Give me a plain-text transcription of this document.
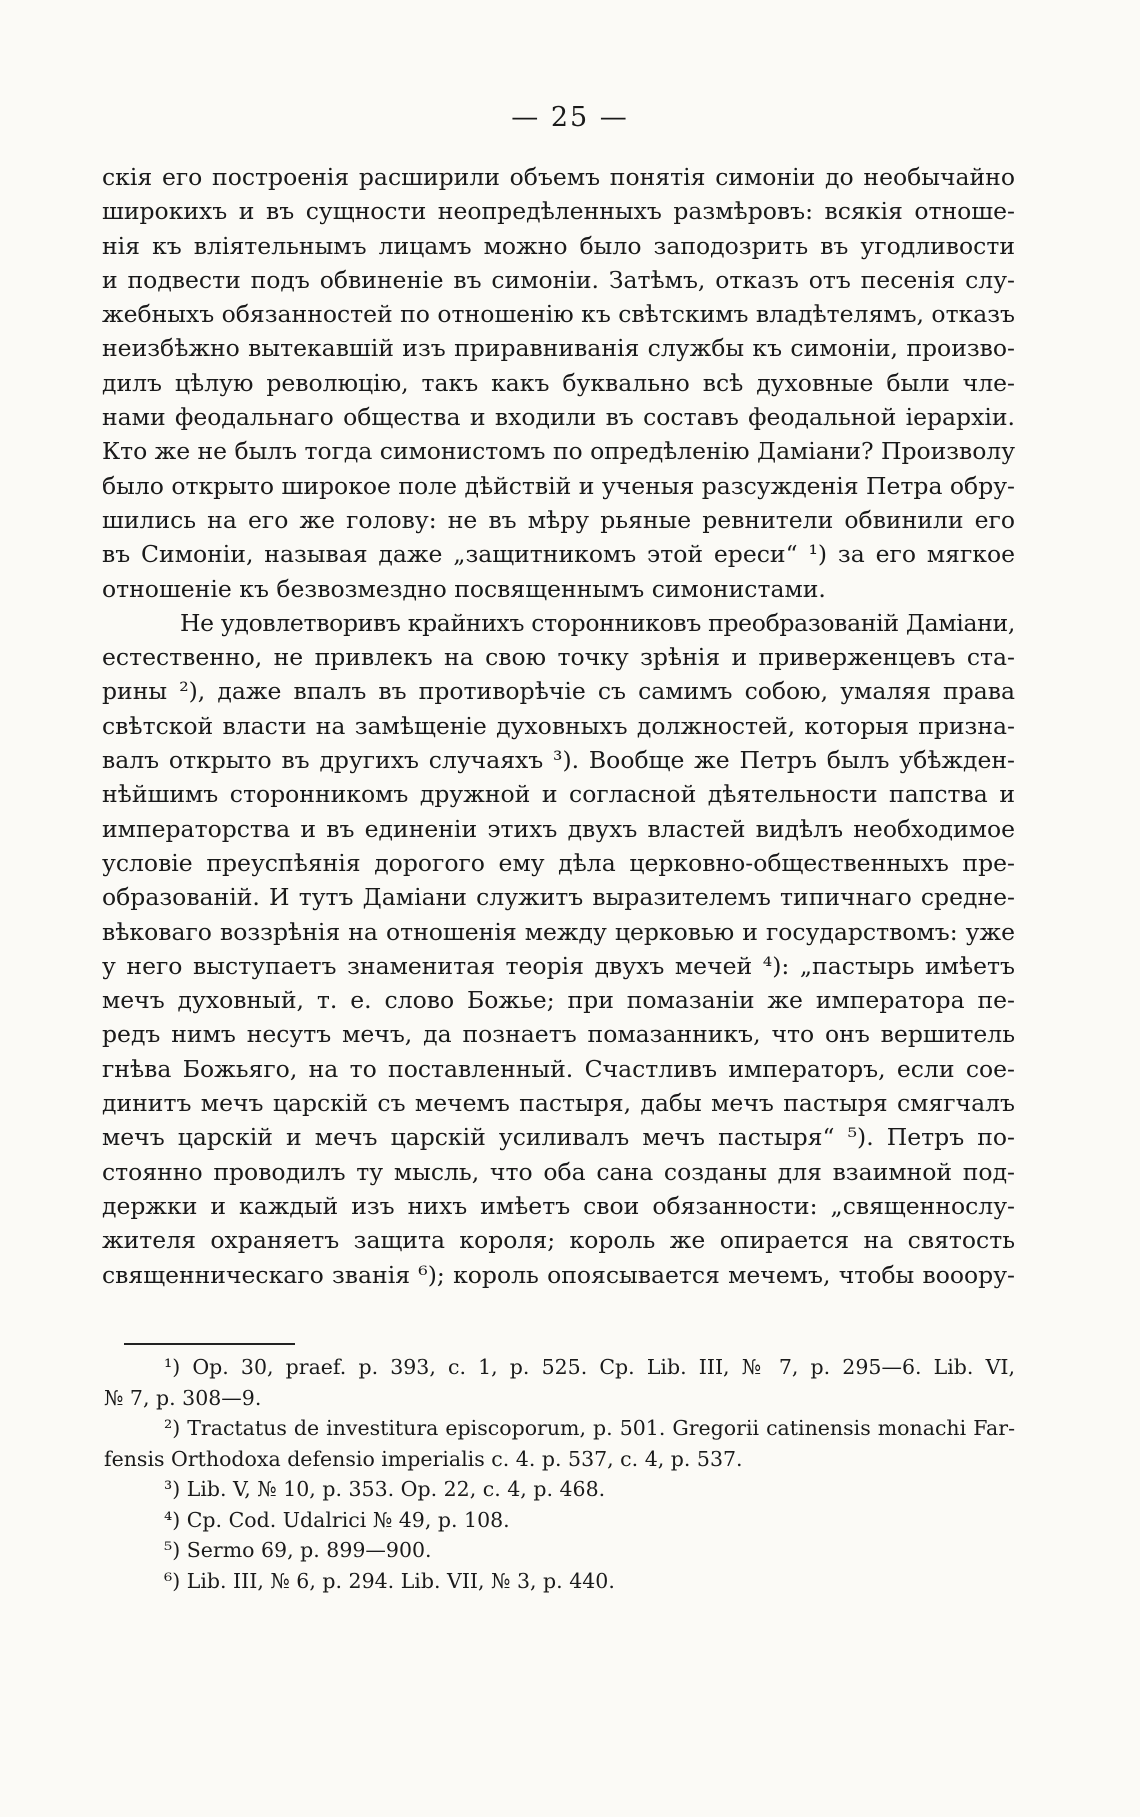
— 25 —
скія его построенія расширили объемъ понятія симоніи до необычайно
широкихъ и въ сущности неопредѣленныхъ размѣровъ: всякія отноше-
нія къ вліятельнымъ лицамъ можно было заподозрить въ угодливости
и подвести подъ обвиненіе въ симоніи. Затѣмъ, отказъ отъ песенія слу-
жебныхъ обязанностей по отношенію къ свѣтскимъ владѣтелямъ, отказъ
неизбѣжно вытекавшій изъ приравниванія службы къ симоніи, произво-
дилъ цѣлую революцію, такъ какъ буквально всѣ духовные были чле-
нами феодальнаго общества и входили въ составъ феодальной іерархіи.
Кто же не былъ тогда симонистомъ по опредѣленію Даміани? Произволу
было открыто широкое поле дѣйствій и ученыя разсужденія Петра обру-
шились на его же голову: не въ мѣру рьяные ревнители обвинили его
въ Симоніи, называя даже „защитникомъ этой ереси“ ¹) за его мягкое
отношеніе къ безвозмездно посвященнымъ симонистами.
Не удовлетворивъ крайнихъ сторонниковъ преобразованій Даміани,
естественно, не привлекъ на свою точку зрѣнія и приверженцевъ ста-
рины ²), даже впалъ въ противорѣчіе съ самимъ собою, умаляя права
свѣтской власти на замѣщеніе духовныхъ должностей, которыя призна-
валъ открыто въ другихъ случаяхъ ³). Вообще же Петръ былъ убѣжден-
нѣйшимъ сторонникомъ дружной и согласной дѣятельности папства и
императорства и въ единеніи этихъ двухъ властей видѣлъ необходимое
условіе преуспѣянія дорогого ему дѣла церковно-общественныхъ пре-
образованій. И тутъ Даміани служитъ выразителемъ типичнаго средне-
вѣковаго воззрѣнія на отношенія между церковью и государствомъ: уже
у него выступаетъ знаменитая теорія двухъ мечей ⁴): „пастырь имѣетъ
мечъ духовный, т. е. слово Божье; при помазаніи же императора пе-
редъ нимъ несутъ мечъ, да познаетъ помазанникъ, что онъ вершитель
гнѣва Божьяго, на то поставленный. Счастливъ императоръ, если сое-
динитъ мечъ царскій съ мечемъ пастыря, дабы мечъ пастыря смягчалъ
мечъ царскій и мечъ царскій усиливалъ мечъ пастыря“ ⁵). Петръ по-
стоянно проводилъ ту мысль, что оба сана созданы для взаимной под-
держки и каждый изъ нихъ имѣетъ свои обязанности: „священнослу-
жителя охраняетъ защита короля; король же опирается на святость
священническаго званія ⁶); король опоясывается мечемъ, чтобы вооору-
¹) Op. 30, praef. p. 393, c. 1, p. 525. Cp. Lib. III, № 7, p. 295—6. Lib. VI,
№ 7, p. 308—9.
²) Tractatus de investitura episcoporum, p. 501. Gregorii catinensis monachi Far-
fensis Orthodoxa defensio imperialis c. 4. p. 537, c. 4, p. 537.
³) Lib. V, № 10, p. 353. Op. 22, c. 4, p. 468.
⁴) Cp. Cod. Udalrici № 49, p. 108.
⁵) Sermo 69, p. 899—900.
⁶) Lib. III, № 6, p. 294. Lib. VII, № 3, p. 440.
